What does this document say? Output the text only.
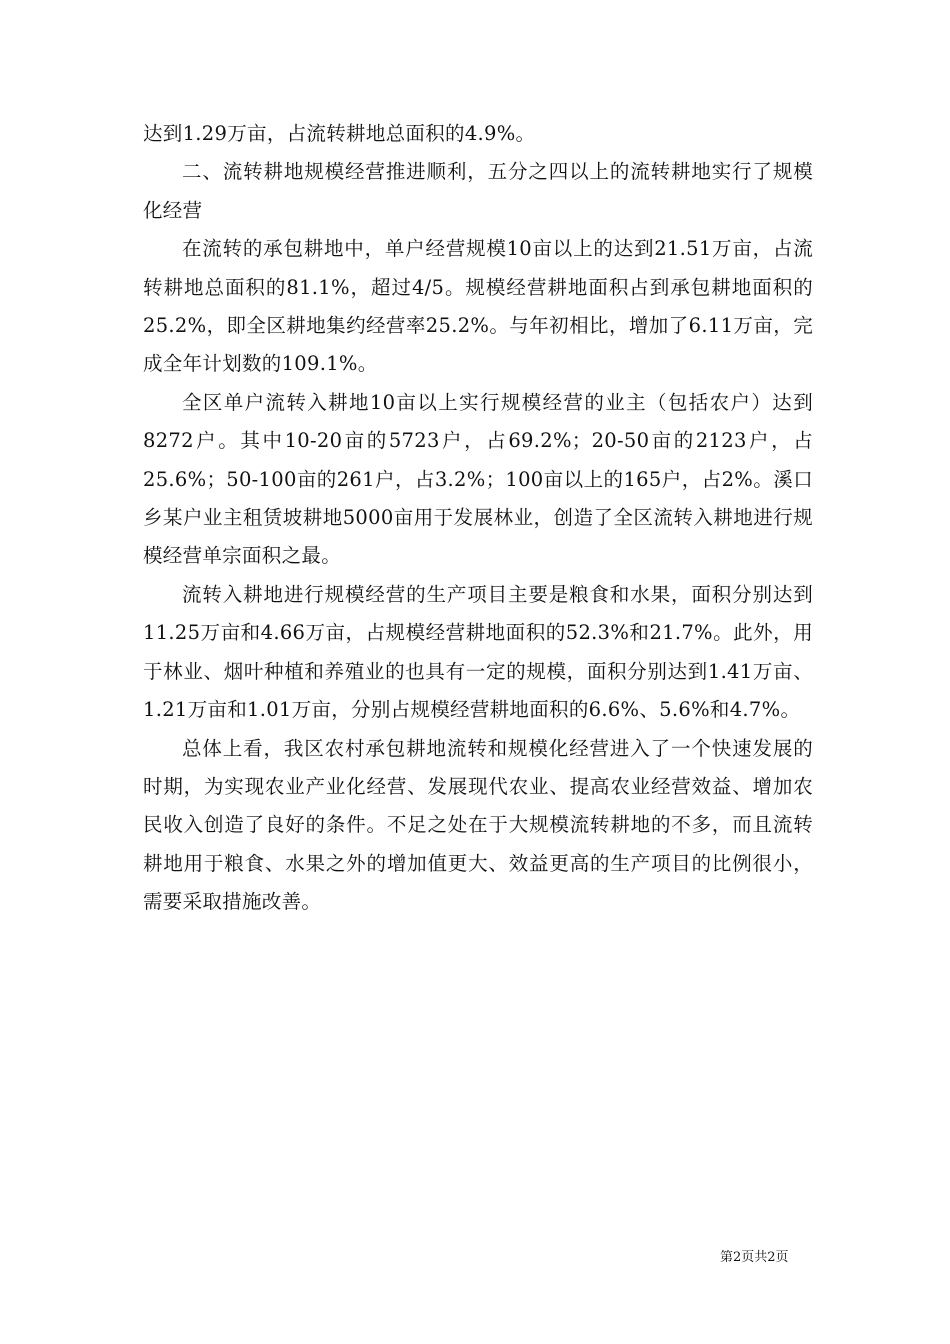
达到1.29万亩，占流转耕地总面积的4.9%。

二、流转耕地规模经营推进顺利，五分之四以上的流转耕地实行了规模化经营

在流转的承包耕地中，单户经营规模10亩以上的达到21.51万亩，占流转耕地总面积的81.1%，超过4/5。规模经营耕地面积占到承包耕地面积的25.2%，即全区耕地集约经营率25.2%。与年初相比，增加了6.11万亩，完成全年计划数的109.1%。

全区单户流转入耕地10亩以上实行规模经营的业主（包括农户）达到8272户。其中10-20亩的5723户，占69.2%；20-50亩的2123户，占25.6%；50-100亩的261户，占3.2%；100亩以上的165户，占2%。溪口乡某户业主租赁坡耕地5000亩用于发展林业，创造了全区流转入耕地进行规模经营单宗面积之最。

流转入耕地进行规模经营的生产项目主要是粮食和水果，面积分别达到11.25万亩和4.66万亩，占规模经营耕地面积的52.3%和21.7%。此外，用于林业、烟叶种植和养殖业的也具有一定的规模，面积分别达到1.41万亩、1.21万亩和1.01万亩，分别占规模经营耕地面积的6.6%、5.6%和4.7%。

总体上看，我区农村承包耕地流转和规模化经营进入了一个快速发展的时期，为实现农业产业化经营、发展现代农业、提高农业经营效益、增加农民收入创造了良好的条件。不足之处在于大规模流转耕地的不多，而且流转耕地用于粮食、水果之外的增加值更大、效益更高的生产项目的比例很小，需要采取措施改善。

第2页共2页
